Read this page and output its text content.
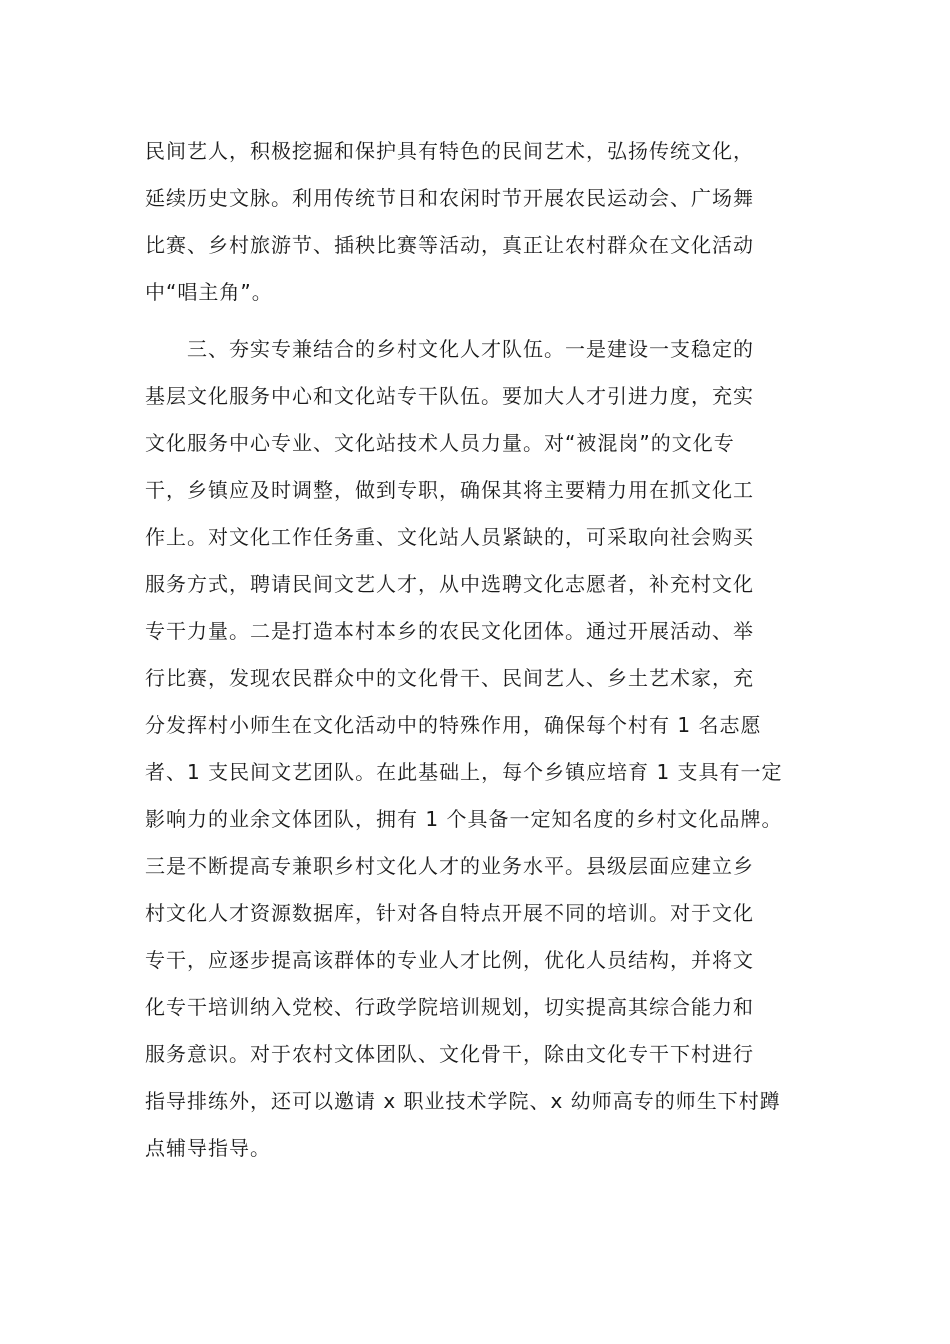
民间艺人，积极挖掘和保护具有特色的民间艺术，弘扬传统文化，
延续历史文脉。利用传统节日和农闲时节开展农民运动会、广场舞
比赛、乡村旅游节、插秧比赛等活动，真正让农村群众在文化活动
中“唱主角”。
三、夯实专兼结合的乡村文化人才队伍。一是建设一支稳定的
基层文化服务中心和文化站专干队伍。要加大人才引进力度，充实
文化服务中心专业、文化站技术人员力量。对“被混岗”的文化专
干，乡镇应及时调整，做到专职，确保其将主要精力用在抓文化工
作上。对文化工作任务重、文化站人员紧缺的，可采取向社会购买
服务方式，聘请民间文艺人才，从中选聘文化志愿者，补充村文化
专干力量。二是打造本村本乡的农民文化团体。通过开展活动、举
行比赛，发现农民群众中的文化骨干、民间艺人、乡土艺术家，充
分发挥村小师生在文化活动中的特殊作用，确保每个村有 1 名志愿
者、1 支民间文艺团队。在此基础上，每个乡镇应培育 1 支具有一定
影响力的业余文体团队，拥有 1 个具备一定知名度的乡村文化品牌。
三是不断提高专兼职乡村文化人才的业务水平。县级层面应建立乡
村文化人才资源数据库，针对各自特点开展不同的培训。对于文化
专干，应逐步提高该群体的专业人才比例，优化人员结构，并将文
化专干培训纳入党校、行政学院培训规划，切实提高其综合能力和
服务意识。对于农村文体团队、文化骨干，除由文化专干下村进行
指导排练外，还可以邀请 x 职业技术学院、x 幼师高专的师生下村蹲
点辅导指导。
